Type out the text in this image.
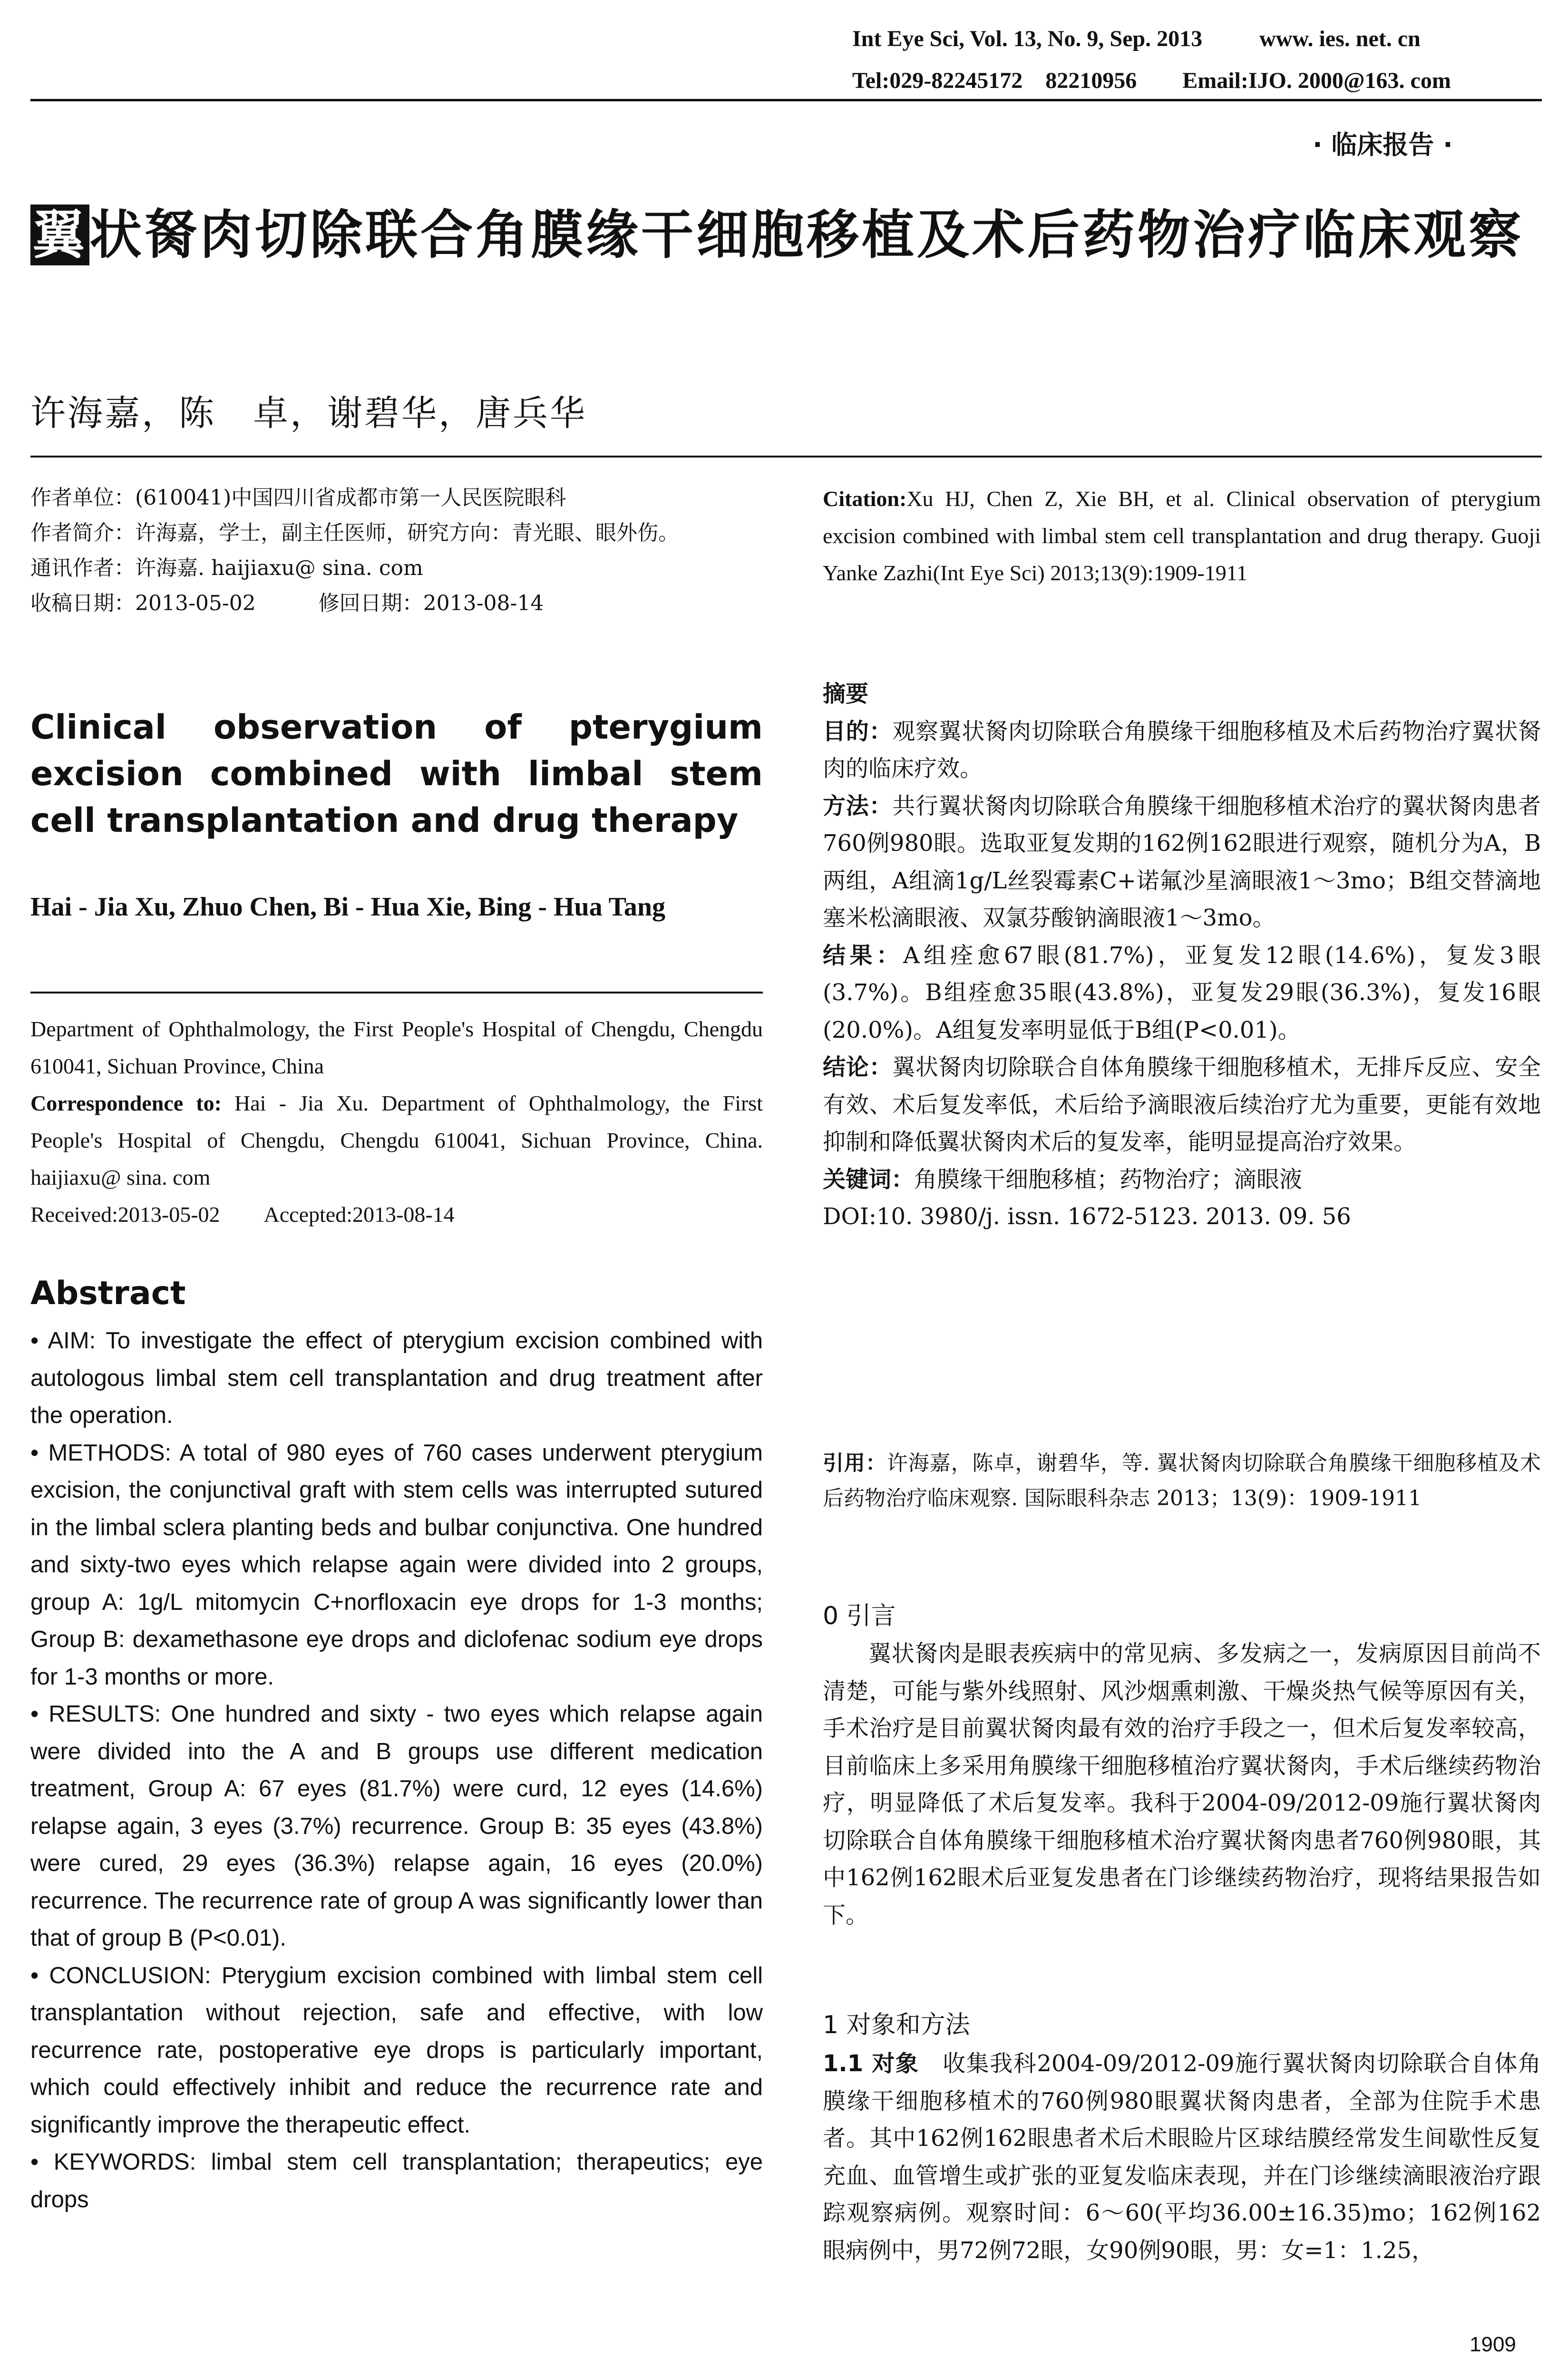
Int Eye Sci, Vol. 13, No. 9, Sep. 2013          www. ies. net. cn
Tel:029-82245172    82210956        Email:IJO. 2000@163. com
· 临床报告 ·
翼状胬肉切除联合角膜缘干细胞移植及术后药物治疗临床观察
许海嘉，陈　卓，谢碧华，唐兵华
作者单位：(610041)中国四川省成都市第一人民医院眼科
作者简介：许海嘉，学士，副主任医师，研究方向：青光眼、眼外伤。
通讯作者：许海嘉. haijiaxu@ sina. com
收稿日期：2013-05-02　　　修回日期：2013-08-14
Clinical observation of pterygium excision combined with limbal stem cell transplantation and drug therapy
Hai - Jia Xu, Zhuo Chen, Bi - Hua Xie, Bing - Hua Tang
Department of Ophthalmology, the First People's Hospital of Chengdu, Chengdu 610041, Sichuan Province, China
Correspondence to: Hai - Jia Xu. Department of Ophthalmology, the First People's Hospital of Chengdu, Chengdu 610041, Sichuan Province, China. haijiaxu@ sina. com
Received:2013-05-02　　Accepted:2013-08-14
Abstract

• AIM: To investigate the effect of pterygium excision combined with autologous limbal stem cell transplantation and drug treatment after the operation.

• METHODS: A total of 980 eyes of 760 cases underwent pterygium excision, the conjunctival graft with stem cells was interrupted sutured in the limbal sclera planting beds and bulbar conjunctiva. One hundred and sixty-two eyes which relapse again were divided into 2 groups, group A: 1g/L mitomycin C+norfloxacin eye drops for 1-3 months; Group B: dexamethasone eye drops and diclofenac sodium eye drops for 1-3 months or more.

• RESULTS: One hundred and sixty - two eyes which relapse again were divided into the A and B groups use different medication treatment, Group A: 67 eyes (81.7%) were curd, 12 eyes (14.6%) relapse again, 3 eyes (3.7%) recurrence. Group B: 35 eyes (43.8%) were cured, 29 eyes (36.3%) relapse again, 16 eyes (20.0%) recurrence. The recurrence rate of group A was significantly lower than that of group B (P<0.01).

• CONCLUSION: Pterygium excision combined with limbal stem cell transplantation without rejection, safe and effective, with low recurrence rate, postoperative eye drops is particularly important, which could effectively inhibit and reduce the recurrence rate and significantly improve the therapeutic effect.

• KEYWORDS: limbal stem cell transplantation; therapeutics; eye drops

Citation:Xu HJ, Chen Z, Xie BH, et al. Clinical observation of pterygium excision combined with limbal stem cell transplantation and drug therapy. Guoji Yanke Zazhi(Int Eye Sci) 2013;13(9):1909-1911

摘要

目的：观察翼状胬肉切除联合角膜缘干细胞移植及术后药物治疗翼状胬肉的临床疗效。

方法：共行翼状胬肉切除联合角膜缘干细胞移植术治疗的翼状胬肉患者760例980眼。选取亚复发期的162例162眼进行观察，随机分为A，B两组，A组滴1g/L丝裂霉素C+诺氟沙星滴眼液1～3mo；B组交替滴地塞米松滴眼液、双氯芬酸钠滴眼液1～3mo。

结果：A组痊愈67眼(81.7%)，亚复发12眼(14.6%)，复发3眼(3.7%)。B组痊愈35眼(43.8%)，亚复发29眼(36.3%)，复发16眼(20.0%)。A组复发率明显低于B组(P<0.01)。

结论：翼状胬肉切除联合自体角膜缘干细胞移植术，无排斥反应、安全有效、术后复发率低，术后给予滴眼液后续治疗尤为重要，更能有效地抑制和降低翼状胬肉术后的复发率，能明显提高治疗效果。

关键词：角膜缘干细胞移植；药物治疗；滴眼液

DOI:10. 3980/j. issn. 1672-5123. 2013. 09. 56

引用：许海嘉，陈卓，谢碧华，等. 翼状胬肉切除联合角膜缘干细胞移植及术后药物治疗临床观察. 国际眼科杂志 2013；13(9)：1909-1911
0 引言
翼状胬肉是眼表疾病中的常见病、多发病之一，发病原因目前尚不清楚，可能与紫外线照射、风沙烟熏刺激、干燥炎热气候等原因有关，手术治疗是目前翼状胬肉最有效的治疗手段之一，但术后复发率较高，目前临床上多采用角膜缘干细胞移植治疗翼状胬肉，手术后继续药物治疗，明显降低了术后复发率。我科于2004-09/2012-09施行翼状胬肉切除联合自体角膜缘干细胞移植术治疗翼状胬肉患者760例980眼，其中162例162眼术后亚复发患者在门诊继续药物治疗，现将结果报告如下。
1 对象和方法
1.1 对象　收集我科2004-09/2012-09施行翼状胬肉切除联合自体角膜缘干细胞移植术的760例980眼翼状胬肉患者，全部为住院手术患者。其中162例162眼患者术后术眼睑片区球结膜经常发生间歇性反复充血、血管增生或扩张的亚复发临床表现，并在门诊继续滴眼液治疗跟踪观察病例。观察时间：6～60(平均36.00±16.35)mo；162例162眼病例中，男72例72眼，女90例90眼，男：女=1：1.25，
1909
